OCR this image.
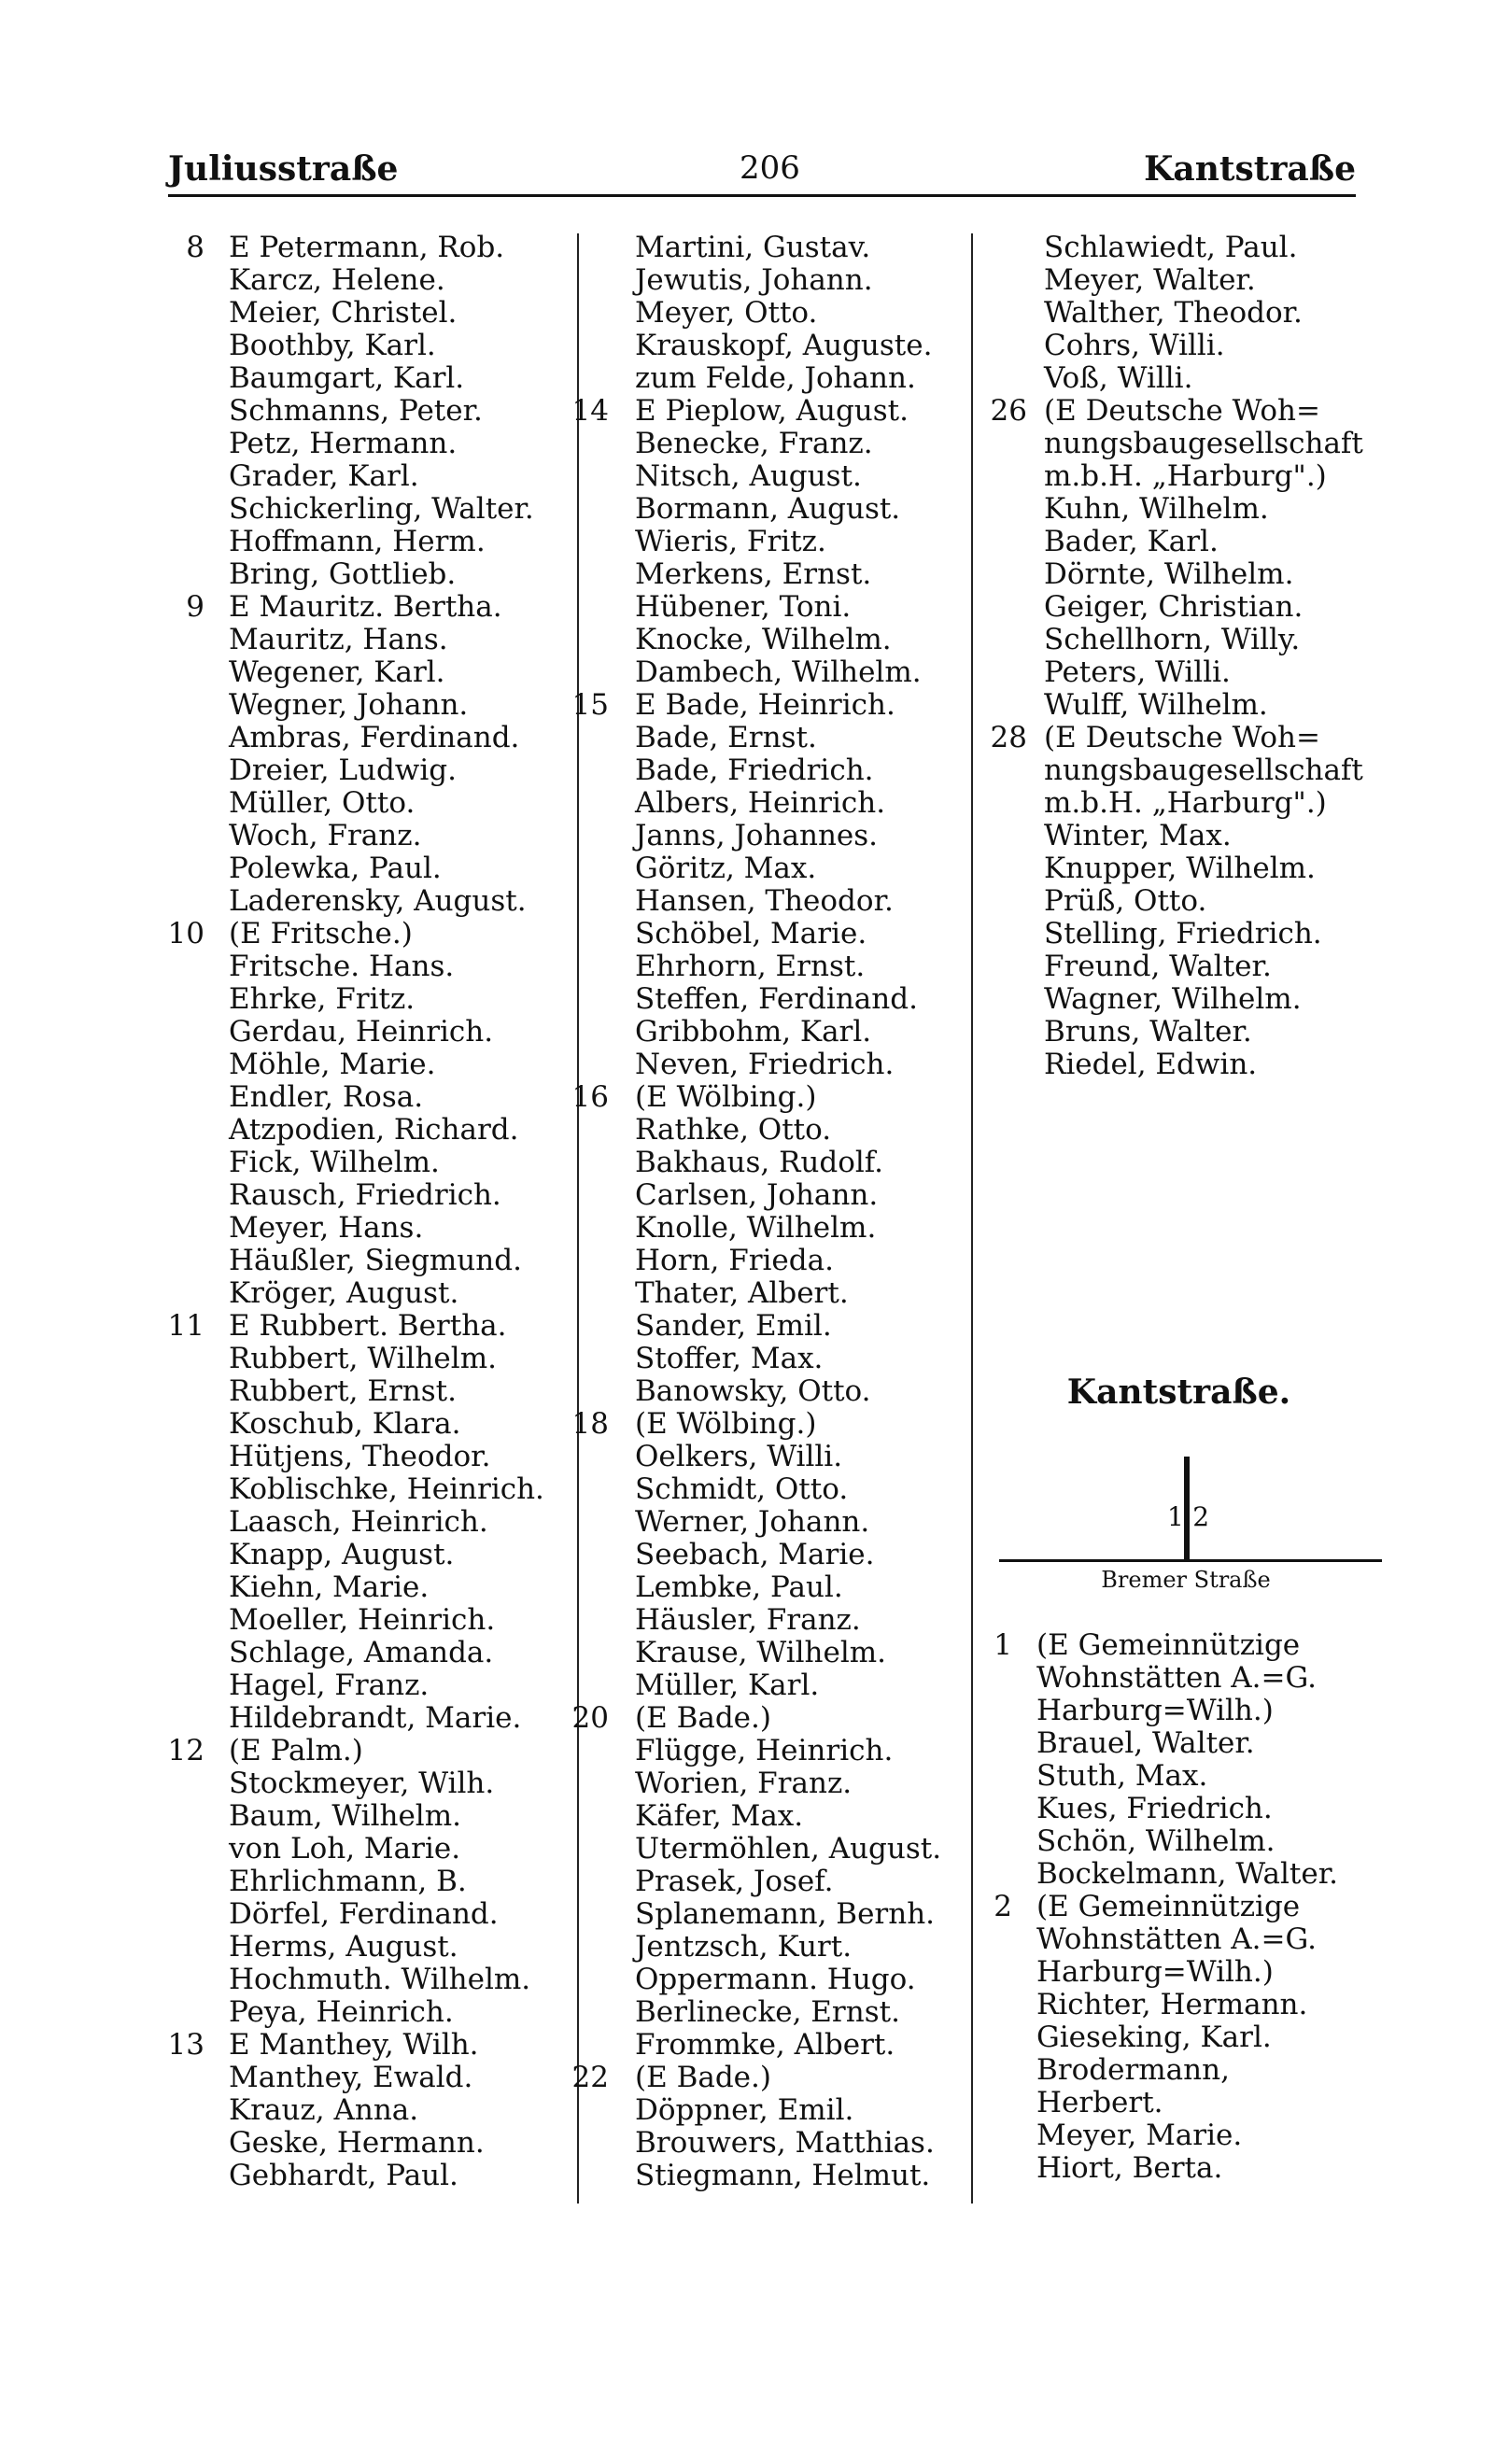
Juliusstraße	206	Kantstraße
8 E Petermann, Rob.
Karcz, Helene.
Meier, Christel.
Boothby, Karl.
Baumgart, Karl.
Schmanns, Peter.
Petz, Hermann.
Grader, Karl.
Schickerling, Walter.
Hoffmann, Herm.
Bring, Gottlieb.
9 E Mauritz. Bertha.
Mauritz, Hans.
Wegener, Karl.
Wegner, Johann.
Ambras, Ferdinand.
Dreier, Ludwig.
Müller, Otto.
Woch, Franz.
Polewka, Paul.
Laderensky, August.
10 (E Fritsche.)
Fritsche. Hans.
Ehrke, Fritz.
Gerdau, Heinrich.
Möhle, Marie.
Endler, Rosa.
Atzpodien, Richard.
Fick, Wilhelm.
Rausch, Friedrich.
Meyer, Hans.
Häußler, Siegmund.
Kröger, August.
11 E Rubbert. Bertha.
Rubbert, Wilhelm.
Rubbert, Ernst.
Koschub, Klara.
Hütjens, Theodor.
Koblischke, Heinrich.
Laasch, Heinrich.
Knapp, August.
Kiehn, Marie.
Moeller, Heinrich.
Schlage, Amanda.
Hagel, Franz.
Hildebrandt, Marie.
12 (E Palm.)
Stockmeyer, Wilh.
Baum, Wilhelm.
von Loh, Marie.
Ehrlichmann, B.
Dörfel, Ferdinand.
Herms, August.
Hochmuth. Wilhelm.
Peya, Heinrich.
13 E Manthey, Wilh.
Manthey, Ewald.
Krauz, Anna.
Geske, Hermann.
Gebhardt, Paul.
Martini, Gustav.
Jewutis, Johann.
Meyer, Otto.
Krauskopf, Auguste.
zum Felde, Johann.
14 E Pieplow, August.
Benecke, Franz.
Nitsch, August.
Bormann, August.
Wieris, Fritz.
Merkens, Ernst.
Hübener, Toni.
Knocke, Wilhelm.
Dambech, Wilhelm.
15 E Bade, Heinrich.
Bade, Ernst.
Bade, Friedrich.
Albers, Heinrich.
Janns, Johannes.
Göritz, Max.
Hansen, Theodor.
Schöbel, Marie.
Ehrhorn, Ernst.
Steffen, Ferdinand.
Gribbohm, Karl.
Neven, Friedrich.
16 (E Wölbing.)
Rathke, Otto.
Bakhaus, Rudolf.
Carlsen, Johann.
Knolle, Wilhelm.
Horn, Frieda.
Thater, Albert.
Sander, Emil.
Stoffer, Max.
Banowsky, Otto.
18 (E Wölbing.)
Oelkers, Willi.
Schmidt, Otto.
Werner, Johann.
Seebach, Marie.
Lembke, Paul.
Häusler, Franz.
Krause, Wilhelm.
Müller, Karl.
20 (E Bade.)
Flügge, Heinrich.
Worien, Franz.
Käfer, Max.
Utermöhlen, August.
Prasek, Josef.
Splanemann, Bernh.
Jentzsch, Kurt.
Oppermann. Hugo.
Berlinecke, Ernst.
Frommke, Albert.
22 (E Bade.)
Döppner, Emil.
Brouwers, Matthias.
Stiegmann, Helmut.
Schlawiedt, Paul.
Meyer, Walter.
Walther, Theodor.
Cohrs, Willi.
Voß, Willi.
26 (E Deutsche Woh=
nungsbaugesellschaft
m.b.H. „Harburg".)
Kuhn, Wilhelm.
Bader, Karl.
Dörnte, Wilhelm.
Geiger, Christian.
Schellhorn, Willy.
Peters, Willi.
Wulff, Wilhelm.
28 (E Deutsche Woh=
nungsbaugesellschaft
m.b.H. „Harburg".)
Winter, Max.
Knupper, Wilhelm.
Prüß, Otto.
Stelling, Friedrich.
Freund, Walter.
Wagner, Wilhelm.
Bruns, Walter.
Riedel, Edwin.
Kantstraße.
1|2
Bremer Straße
1 (E Gemeinnützige
Wohnstätten A.=G.
Harburg=Wilh.)
Brauel, Walter.
Stuth, Max.
Kues, Friedrich.
Schön, Wilhelm.
Bockelmann, Walter.
2 (E Gemeinnützige
Wohnstätten A.=G.
Harburg=Wilh.)
Richter, Hermann.
Gieseking, Karl.
Brodermann,
Herbert.
Meyer, Marie.
Hiort, Berta.
